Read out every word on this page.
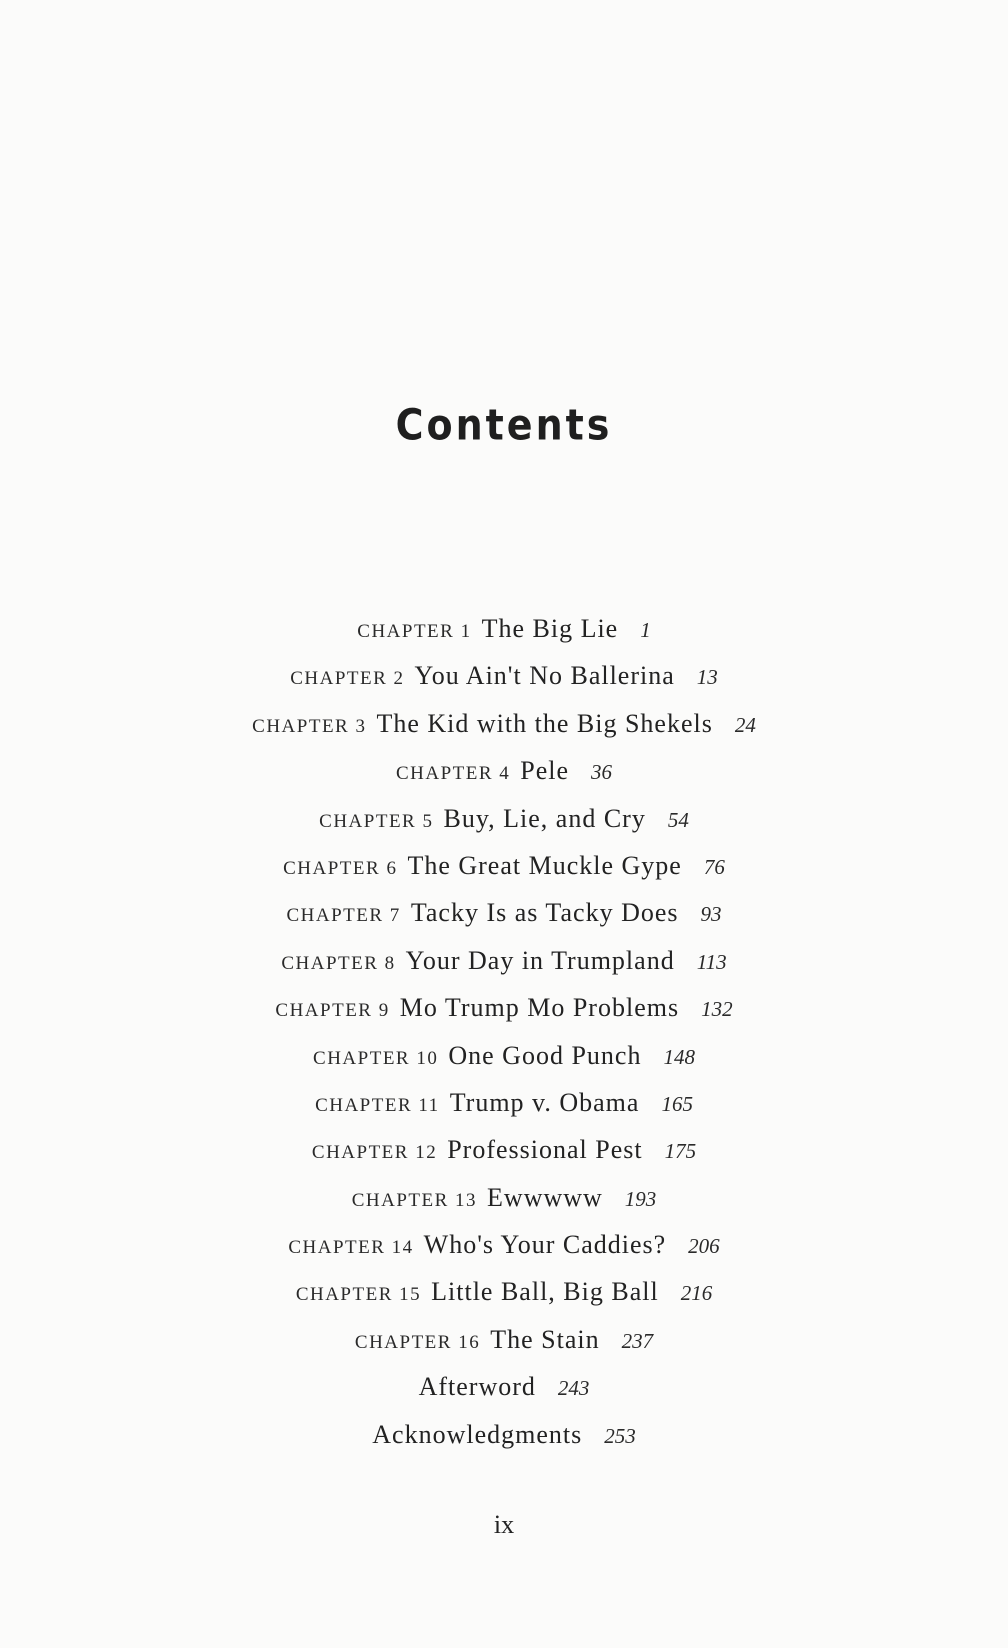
Contents
CHAPTER 1 The Big Lie 1
CHAPTER 2 You Ain't No Ballerina 13
CHAPTER 3 The Kid with the Big Shekels 24
CHAPTER 4 Pele 36
CHAPTER 5 Buy, Lie, and Cry 54
CHAPTER 6 The Great Muckle Gype 76
CHAPTER 7 Tacky Is as Tacky Does 93
CHAPTER 8 Your Day in Trumpland 113
CHAPTER 9 Mo Trump Mo Problems 132
CHAPTER 10 One Good Punch 148
CHAPTER 11 Trump v. Obama 165
CHAPTER 12 Professional Pest 175
CHAPTER 13 Ewwwww 193
CHAPTER 14 Who's Your Caddies? 206
CHAPTER 15 Little Ball, Big Ball 216
CHAPTER 16 The Stain 237
Afterword 243
Acknowledgments 253
ix
